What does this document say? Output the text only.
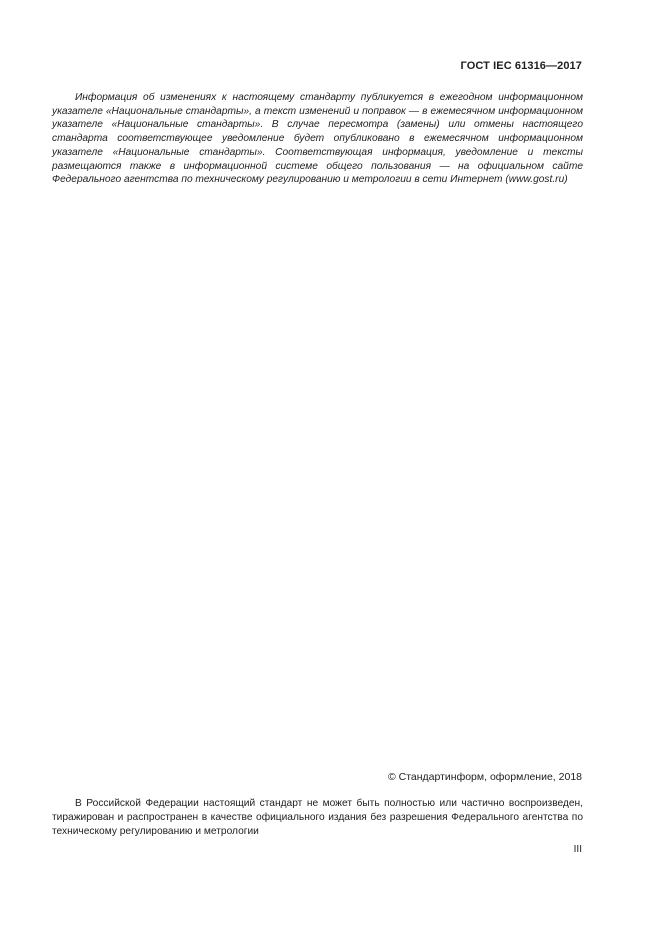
ГОСТ IEC 61316—2017

Информация об изменениях к настоящему стандарту публикуется в ежегодном информационном указателе «Национальные стандарты», а текст изменений и поправок — в ежемесячном информационном указателе «Национальные стандарты». В случае пересмотра (замены) или отмены настоящего стандарта соответствующее уведомление будет опубликовано в ежемесячном информационном указателе «Национальные стандарты». Соответствующая информация, уведомление и тексты размещаются также в информационной системе общего пользования — на официальном сайте Федерального агентства по техническому регулированию и метрологии в сети Интернет (www.gost.ru)

© Стандартинформ, оформление, 2018

В Российской Федерации настоящий стандарт не может быть полностью или частично воспроизведен, тиражирован и распространен в качестве официального издания без разрешения Федерального агентства по техническому регулированию и метрологии

III
